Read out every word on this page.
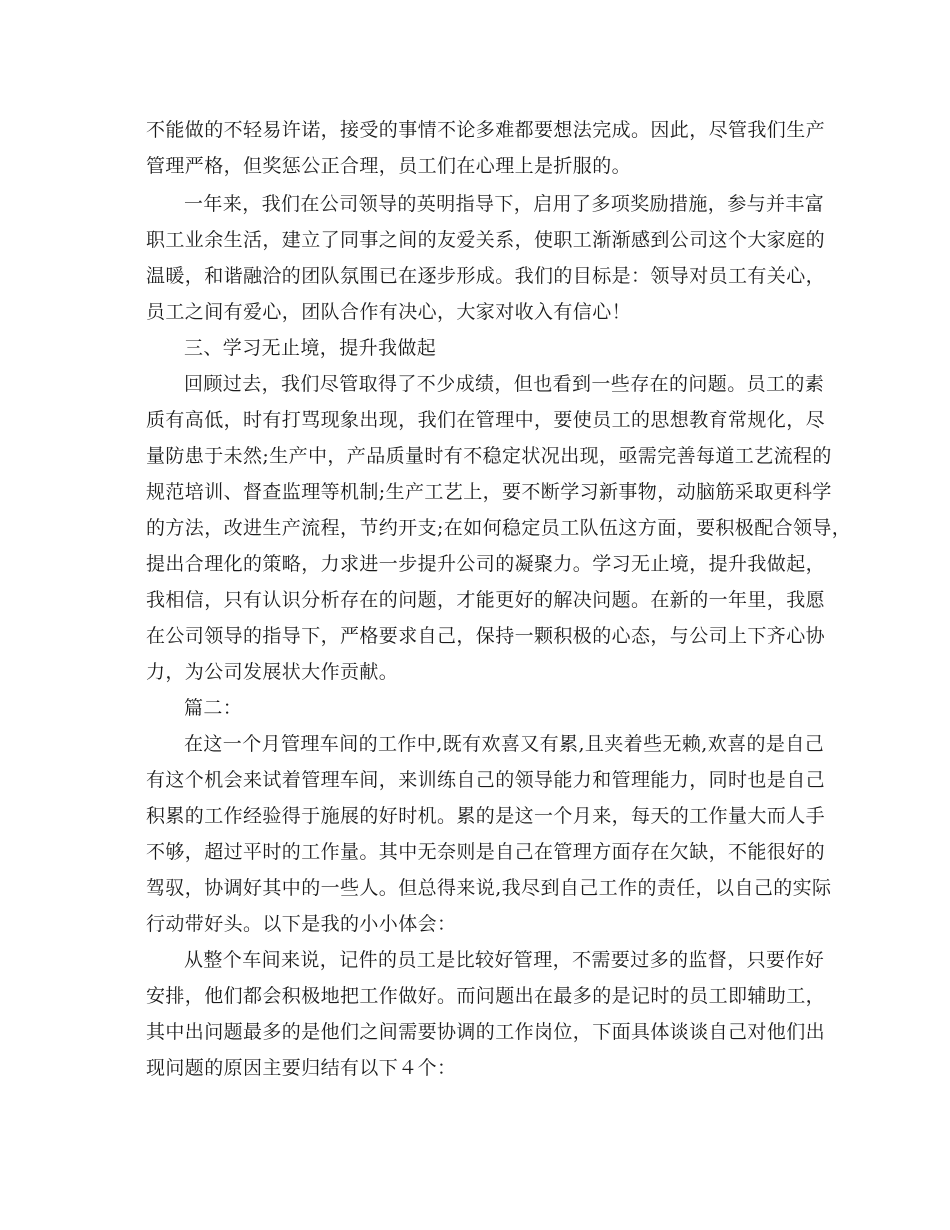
不能做的不轻易许诺，接受的事情不论多难都要想法完成。因此，尽管我们生产
管理严格，但奖惩公正合理，员工们在心理上是折服的。
一年来，我们在公司领导的英明指导下，启用了多项奖励措施，参与并丰富
职工业余生活，建立了同事之间的友爱关系，使职工渐渐感到公司这个大家庭的
温暖，和谐融洽的团队氛围已在逐步形成。我们的目标是：领导对员工有关心，
员工之间有爱心，团队合作有决心，大家对收入有信心！
三、学习无止境，提升我做起
回顾过去，我们尽管取得了不少成绩，但也看到一些存在的问题。员工的素
质有高低，时有打骂现象出现，我们在管理中，要使员工的思想教育常规化，尽
量防患于未然;生产中，产品质量时有不稳定状况出现，亟需完善每道工艺流程的
规范培训、督查监理等机制;生产工艺上，要不断学习新事物，动脑筋采取更科学
的方法，改进生产流程，节约开支;在如何稳定员工队伍这方面，要积极配合领导，
提出合理化的策略，力求进一步提升公司的凝聚力。学习无止境，提升我做起，
我相信，只有认识分析存在的问题，才能更好的解决问题。在新的一年里，我愿
在公司领导的指导下，严格要求自己，保持一颗积极的心态，与公司上下齐心协
力，为公司发展状大作贡献。
篇二：
在这一个月管理车间的工作中,既有欢喜又有累,且夹着些无赖,欢喜的是自己
有这个机会来试着管理车间，来训练自己的领导能力和管理能力，同时也是自己
积累的工作经验得于施展的好时机。累的是这一个月来，每天的工作量大而人手
不够，超过平时的工作量。其中无奈则是自己在管理方面存在欠缺，不能很好的
驾驭，协调好其中的一些人。但总得来说,我尽到自己工作的责任，以自己的实际
行动带好头。以下是我的小小体会：
从整个车间来说，记件的员工是比较好管理，不需要过多的监督，只要作好
安排，他们都会积极地把工作做好。而问题出在最多的是记时的员工即辅助工，
其中出问题最多的是他们之间需要协调的工作岗位，下面具体谈谈自己对他们出
现问题的原因主要归结有以下４个：
